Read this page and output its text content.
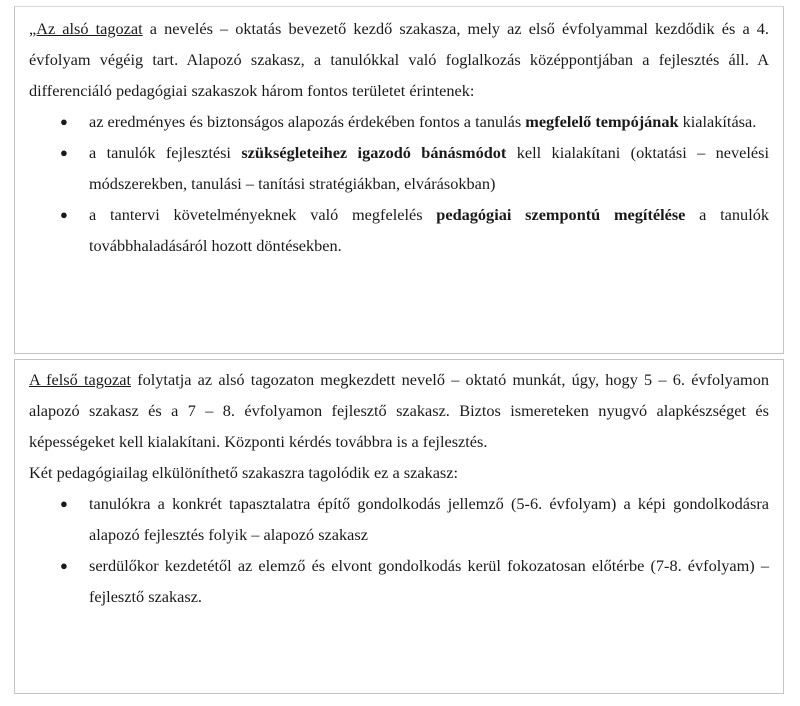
„Az alsó tagozat a nevelés – oktatás bevezető kezdő szakasza, mely az első évfolyammal kezdődik és a 4. évfolyam végéig tart. Alapozó szakasz, a tanulókkal való foglalkozás középpontjában a fejlesztés áll. A differenciáló pedagógiai szakaszok három fontos területet érintenek:

● az eredményes és biztonságos alapozás érdekében fontos a tanulás megfelelő tempójának kialakítása.
● a tanulók fejlesztési szükségleteihez igazodó bánásmódot kell kialakítani (oktatási – nevelési módszerekben, tanulási – tanítási stratégiákban, elvárásokban)
● a tantervi követelményeknek való megfelelés pedagógiai szempontú megítélése a tanulók továbbhaladásáról hozott döntésekben.

A felső tagozat folytatja az alsó tagozaton megkezdett nevelő – oktató munkát, úgy, hogy 5 – 6. évfolyamon alapozó szakasz és a 7 – 8. évfolyamon fejlesztő szakasz. Biztos ismereteken nyugvó alapkészséget és képességeket kell kialakítani. Központi kérdés továbbra is a fejlesztés.

Két pedagógiailag elkülöníthető szakaszra tagolódik ez a szakasz:

● tanulókra a konkrét tapasztalatra építő gondolkodás jellemző (5-6. évfolyam) a képi gondolkodásra alapozó fejlesztés folyik – alapozó szakasz
● serdülőkor kezdetétől az elemző és elvont gondolkodás kerül fokozatosan előtérbe (7-8. évfolyam) – fejlesztő szakasz.
